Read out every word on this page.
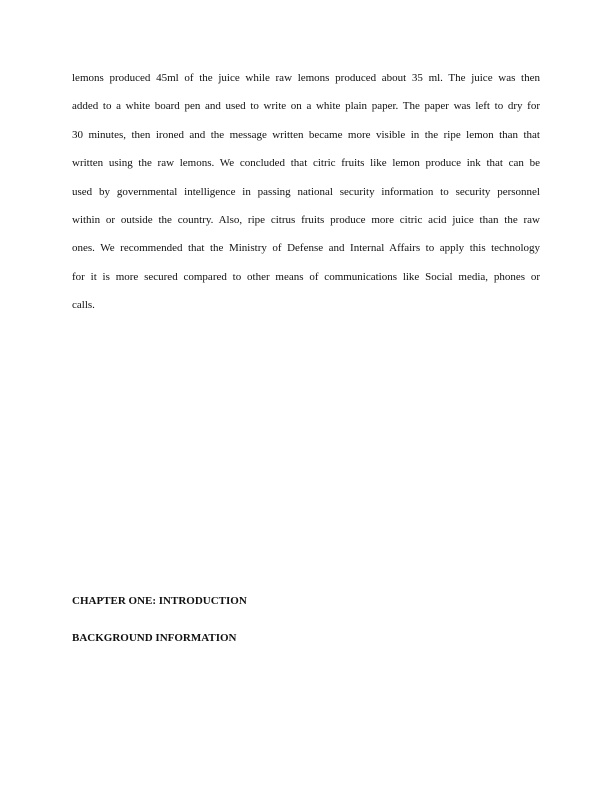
lemons produced 45ml of the juice while raw lemons produced about 35 ml. The juice was then
added to a white board pen and used to write on a white plain paper. The paper was left to dry for
30 minutes, then ironed and the message written became more visible in the ripe lemon than that
written using the raw lemons. We concluded that citric fruits like lemon produce ink that can be
used by governmental intelligence in passing national security information to security personnel
within or outside the country. Also, ripe citrus fruits produce more citric acid juice than the raw
ones. We recommended that the Ministry of Defense and Internal Affairs to apply this technology
for it is more secured compared to other means of communications like Social media, phones or
calls.
CHAPTER ONE: INTRODUCTION
BACKGROUND INFORMATION
